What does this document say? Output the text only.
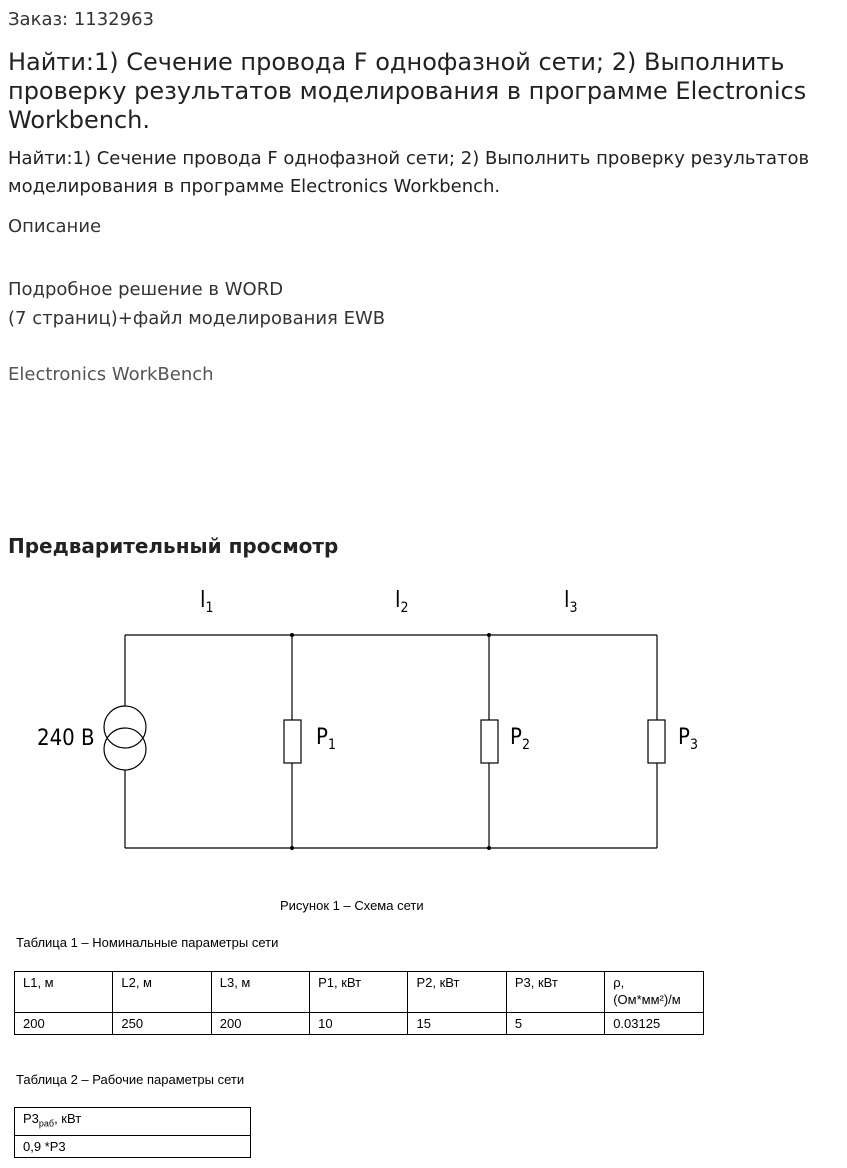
Заказ: 1132963
Найти:1) Сечение провода F однофазной сети; 2) Выполнить проверку результатов моделирования в программе Electronics Workbench.
Найти:1) Сечение провода F однофазной сети; 2) Выполнить проверку результатов моделирования в программе Electronics Workbench.
Описание
Подробное решение в WORD
(7 страниц)+файл моделирования EWB
Electronics WorkBench
Предварительный просмотр
$l_1$	$l_2$	$l_3$
240 В	$P_1$	$P_2$	$P_3$
Рисунок 1 – Схема сети
Таблица 1 – Номинальные параметры сети
L1, м	L2, м	L3, м	P1, кВт	P2, кВт	P3, кВт	ρ,
(Ом*мм²)/м
200	250	200	10	15	5	0.03125
Таблица 2 – Рабочие параметры сети
$P3_{раб}$, кВт
0,9 *P3
